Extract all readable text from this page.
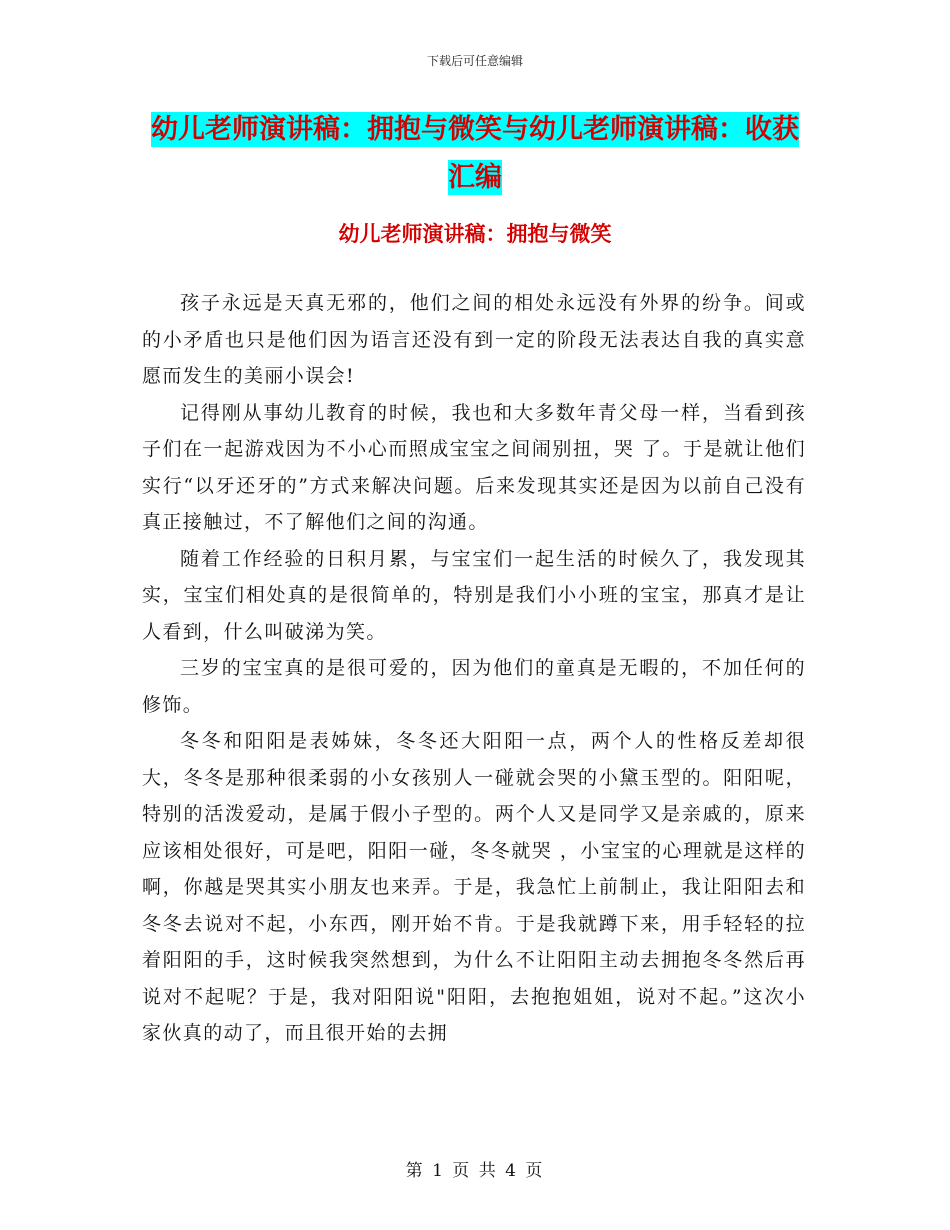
下载后可任意编辑
幼儿老师演讲稿：拥抱与微笑与幼儿老师演讲稿：收获汇编
幼儿老师演讲稿：拥抱与微笑

孩子永远是天真无邪的，他们之间的相处永远没有外界的纷争。间或的小矛盾也只是他们因为语言还没有到一定的阶段无法表达自我的真实意愿而发生的美丽小误会!

记得刚从事幼儿教育的时候，我也和大多数年青父母一样，当看到孩子们在一起游戏因为不小心而照成宝宝之间闹别扭，哭 了。于是就让他们实行“以牙还牙的”方式来解决问题。后来发现其实还是因为以前自己没有真正接触过，不了解他们之间的沟通。

随着工作经验的日积月累，与宝宝们一起生活的时候久了，我发现其实，宝宝们相处真的是很简单的，特别是我们小小班的宝宝，那真才是让人看到，什么叫破涕为笑。

三岁的宝宝真的是很可爱的，因为他们的童真是无暇的，不加任何的修饰。

冬冬和阳阳是表姊妹，冬冬还大阳阳一点，两个人的性格反差却很大，冬冬是那种很柔弱的小女孩别人一碰就会哭的小黛玉型的。阳阳呢，特别的活泼爱动，是属于假小子型的。两个人又是同学又是亲戚的，原来应该相处很好，可是吧，阳阳一碰，冬冬就哭 ，小宝宝的心理就是这样的啊，你越是哭其实小朋友也来弄。于是，我急忙上前制止，我让阳阳去和冬冬去说对不起，小东西，刚开始不肯。于是我就蹲下来，用手轻轻的拉着阳阳的手，这时候我突然想到，为什么不让阳阳主动去拥抱冬冬然后再说对不起呢？于是，我对阳阳说"阳阳，去抱抱姐姐，说对不起。”这次小家伙真的动了，而且很开始的去拥

第 1 页 共 4 页
